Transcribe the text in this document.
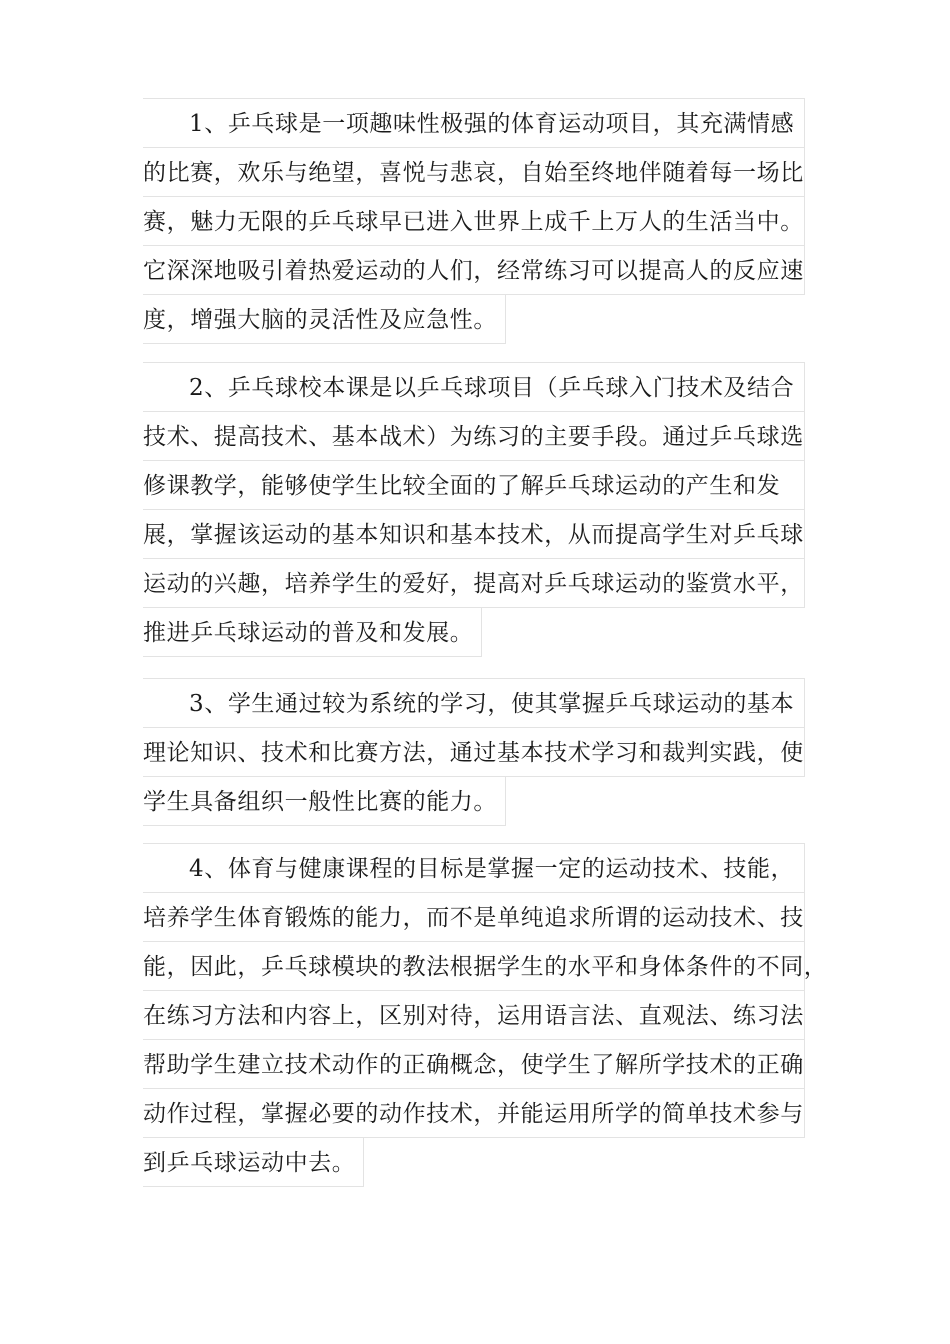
1、乒乓球是一项趣味性极强的体育运动项目，其充满情感
的比赛，欢乐与绝望，喜悦与悲哀，自始至终地伴随着每一场比
赛，魅力无限的乒乓球早已进入世界上成千上万人的生活当中。
它深深地吸引着热爱运动的人们，经常练习可以提高人的反应速
度，增强大脑的灵活性及应急性。
2、乒乓球校本课是以乒乓球项目（乒乓球入门技术及结合
技术、提高技术、基本战术）为练习的主要手段。通过乒乓球选
修课教学，能够使学生比较全面的了解乒乓球运动的产生和发
展，掌握该运动的基本知识和基本技术，从而提高学生对乒乓球
运动的兴趣，培养学生的爱好，提高对乒乓球运动的鉴赏水平，
推进乒乓球运动的普及和发展。
3、学生通过较为系统的学习，使其掌握乒乓球运动的基本
理论知识、技术和比赛方法，通过基本技术学习和裁判实践，使
学生具备组织一般性比赛的能力。
4、体育与健康课程的目标是掌握一定的运动技术、技能，
培养学生体育锻炼的能力，而不是单纯追求所谓的运动技术、技
能，因此，乒乓球模块的教法根据学生的水平和身体条件的不同，
在练习方法和内容上，区别对待，运用语言法、直观法、练习法
帮助学生建立技术动作的正确概念，使学生了解所学技术的正确
动作过程，掌握必要的动作技术，并能运用所学的简单技术参与
到乒乓球运动中去。
